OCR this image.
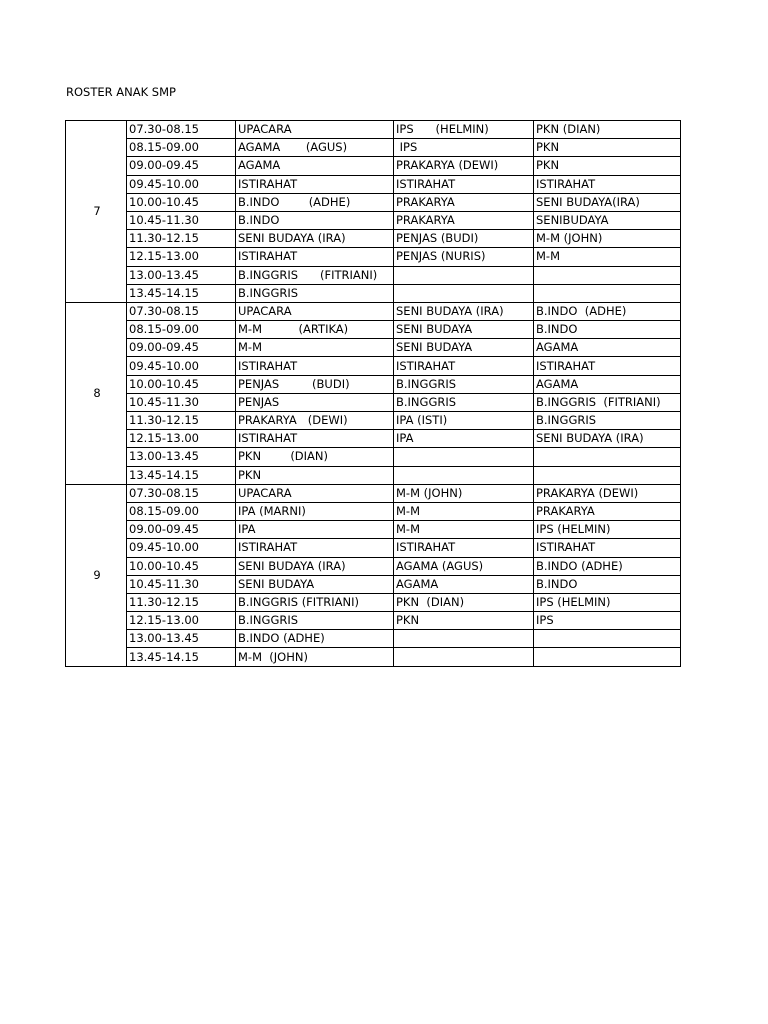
ROSTER ANAK SMP
7	07.30-08.15	UPACARA	IPS      (HELMIN)	PKN (DIAN)
	08.15-09.00	AGAMA       (AGUS)	IPS	PKN
	09.00-09.45	AGAMA	PRAKARYA (DEWI)	PKN
	09.45-10.00	ISTIRAHAT	ISTIRAHAT	ISTIRAHAT
	10.00-10.45	B.INDO        (ADHE)	PRAKARYA	SENI BUDAYA(IRA)
	10.45-11.30	B.INDO	PRAKARYA	SENIBUDAYA
	11.30-12.15	SENI BUDAYA (IRA)	PENJAS (BUDI)	M-M (JOHN)
	12.15-13.00	ISTIRAHAT	PENJAS (NURIS)	M-M
	13.00-13.45	B.INGGRIS      (FITRIANI)		
	13.45-14.15	B.INGGRIS		
8	07.30-08.15	UPACARA	SENI BUDAYA (IRA)	B.INDO  (ADHE)
	08.15-09.00	M-M          (ARTIKA)	SENI BUDAYA	B.INDO
	09.00-09.45	M-M	SENI BUDAYA	AGAMA
	09.45-10.00	ISTIRAHAT	ISTIRAHAT	ISTIRAHAT
	10.00-10.45	PENJAS         (BUDI)	B.INGGRIS	AGAMA
	10.45-11.30	PENJAS	B.INGGRIS	B.INGGRIS  (FITRIANI)
	11.30-12.15	PRAKARYA   (DEWI)	IPA (ISTI)	B.INGGRIS
	12.15-13.00	ISTIRAHAT	IPA	SENI BUDAYA (IRA)
	13.00-13.45	PKN        (DIAN)		
	13.45-14.15	PKN		
9	07.30-08.15	UPACARA	M-M (JOHN)	PRAKARYA (DEWI)
	08.15-09.00	IPA (MARNI)	M-M	PRAKARYA
	09.00-09.45	IPA	M-M	IPS (HELMIN)
	09.45-10.00	ISTIRAHAT	ISTIRAHAT	ISTIRAHAT
	10.00-10.45	SENI BUDAYA (IRA)	AGAMA (AGUS)	B.INDO (ADHE)
	10.45-11.30	SENI BUDAYA	AGAMA	B.INDO
	11.30-12.15	B.INGGRIS (FITRIANI)	PKN  (DIAN)	IPS (HELMIN)
	12.15-13.00	B.INGGRIS	PKN	IPS
	13.00-13.45	B.INDO (ADHE)		
	13.45-14.15	M-M  (JOHN)		
